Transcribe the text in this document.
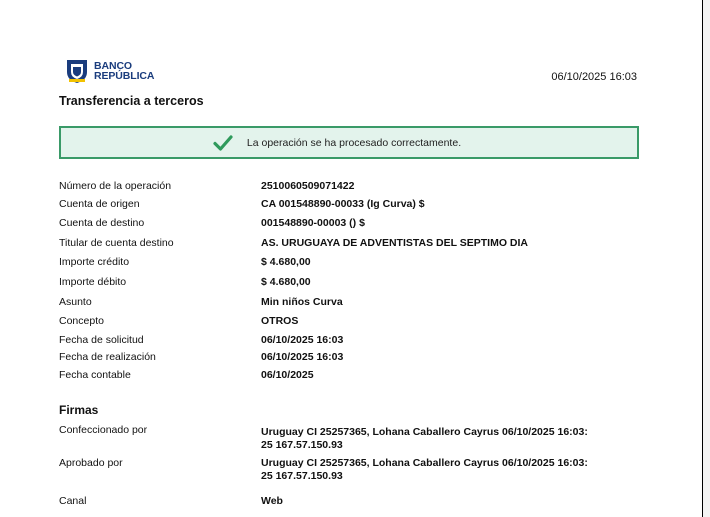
BANCO
REPÚBLICA	06/10/2025 16:03
Transferencia a terceros
La operación se ha procesado correctamente.
Número de la operación	2510060509071422
Cuenta de origen	CA 001548890-00033 (Ig Curva) $
Cuenta de destino	001548890-00003 () $
Titular de cuenta destino	AS. URUGUAYA DE ADVENTISTAS DEL SEPTIMO DIA
Importe crédito	$ 4.680,00
Importe débito	$ 4.680,00
Asunto	Min niños Curva
Concepto	OTROS
Fecha de solicitud	06/10/2025 16:03
Fecha de realización	06/10/2025 16:03
Fecha contable	06/10/2025
Firmas
Confeccionado por	Uruguay CI 25257365, Lohana Caballero Cayrus 06/10/2025 16:03:
25 167.57.150.93
Aprobado por	Uruguay CI 25257365, Lohana Caballero Cayrus 06/10/2025 16:03:
25 167.57.150.93
Canal	Web
